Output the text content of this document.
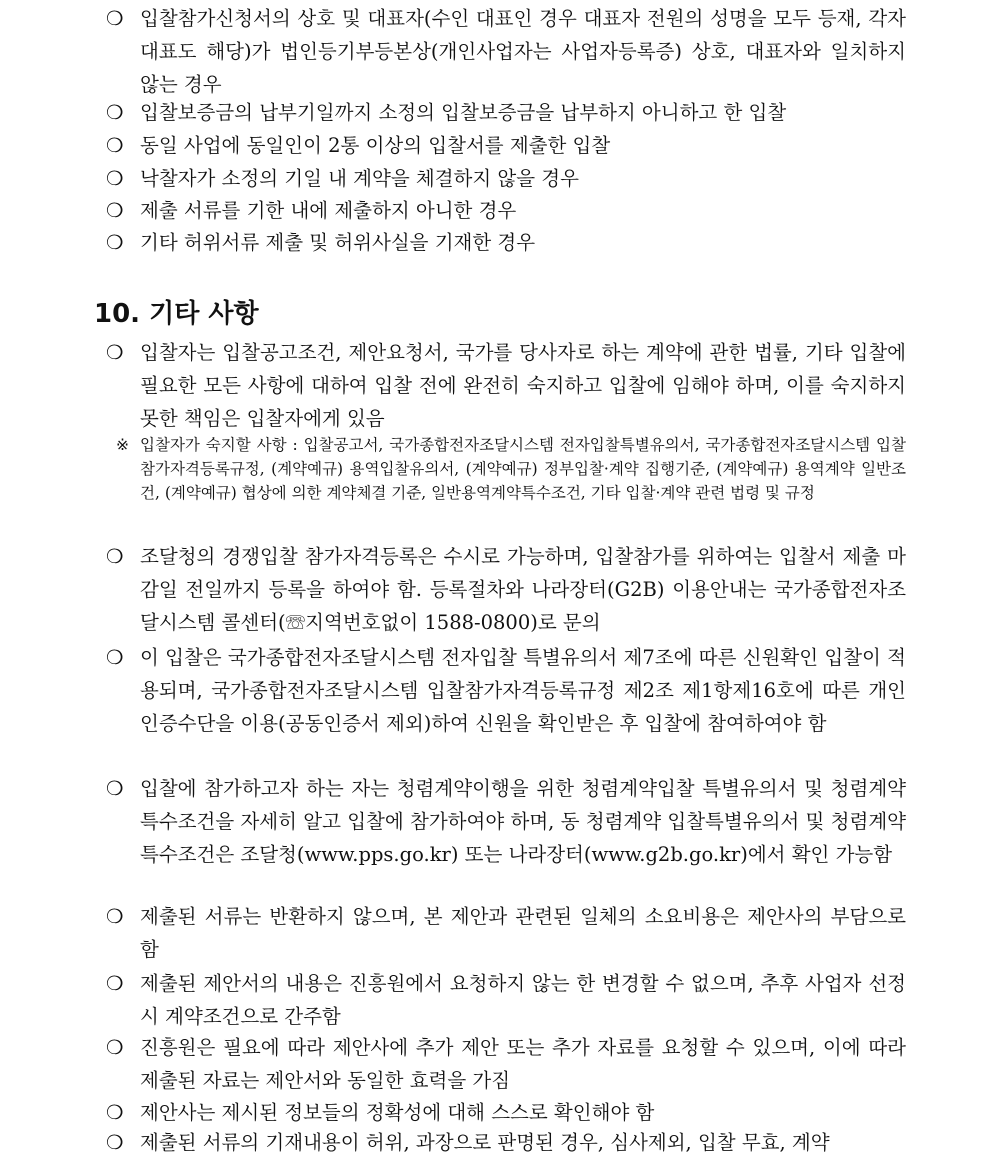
❍ 입찰참가신청서의 상호 및 대표자(수인 대표인 경우 대표자 전원의 성명을 모두 등재, 각자 대표도 해당)가 법인등기부등본상(개인사업자는 사업자등록증) 상호, 대표자와 일치하지 않는 경우
❍ 입찰보증금의 납부기일까지 소정의 입찰보증금을 납부하지 아니하고 한 입찰
❍ 동일 사업에 동일인이 2통 이상의 입찰서를 제출한 입찰
❍ 낙찰자가 소정의 기일 내 계약을 체결하지 않을 경우
❍ 제출 서류를 기한 내에 제출하지 아니한 경우
❍ 기타 허위서류 제출 및 허위사실을 기재한 경우
10. 기타 사항
❍ 입찰자는 입찰공고조건, 제안요청서, 국가를 당사자로 하는 계약에 관한 법률, 기타 입찰에 필요한 모든 사항에 대하여 입찰 전에 완전히 숙지하고 입찰에 임해야 하며, 이를 숙지하지 못한 책임은 입찰자에게 있음
※ 입찰자가 숙지할 사항 : 입찰공고서, 국가종합전자조달시스템 전자입찰특별유의서, 국가종합전자조달시스템 입찰참가자격등록규정, (계약예규) 용역입찰유의서, (계약예규) 정부입찰·계약 집행기준, (계약예규) 용역계약 일반조건, (계약예규) 협상에 의한 계약체결 기준, 일반용역계약특수조건, 기타 입찰·계약 관련 법령 및 규정
❍ 조달청의 경쟁입찰 참가자격등록은 수시로 가능하며, 입찰참가를 위하여는 입찰서 제출 마감일 전일까지 등록을 하여야 함. 등록절차와 나라장터(G2B) 이용안내는 국가종합전자조달시스템 콜센터(☏지역번호없이 1588-0800)로 문의
❍ 이 입찰은 국가종합전자조달시스템 전자입찰 특별유의서 제7조에 따른 신원확인 입찰이 적용되며, 국가종합전자조달시스템 입찰참가자격등록규정 제2조 제1항제16호에 따른 개인인증수단을 이용(공동인증서 제외)하여 신원을 확인받은 후 입찰에 참여하여야 함
❍ 입찰에 참가하고자 하는 자는 청렴계약이행을 위한 청렴계약입찰 특별유의서 및 청렴계약 특수조건을 자세히 알고 입찰에 참가하여야 하며, 동 청렴계약 입찰특별유의서 및 청렴계약 특수조건은 조달청(www.pps.go.kr) 또는 나라장터(www.g2b.go.kr)에서 확인 가능함
❍ 제출된 서류는 반환하지 않으며, 본 제안과 관련된 일체의 소요비용은 제안사의 부담으로 함
❍ 제출된 제안서의 내용은 진흥원에서 요청하지 않는 한 변경할 수 없으며, 추후 사업자 선정 시 계약조건으로 간주함
❍ 진흥원은 필요에 따라 제안사에 추가 제안 또는 추가 자료를 요청할 수 있으며, 이에 따라 제출된 자료는 제안서와 동일한 효력을 가짐
❍ 제안사는 제시된 정보들의 정확성에 대해 스스로 확인해야 함
❍ 제출된 서류의 기재내용이 허위, 과장으로 판명된 경우, 심사제외, 입찰 무효, 계약
